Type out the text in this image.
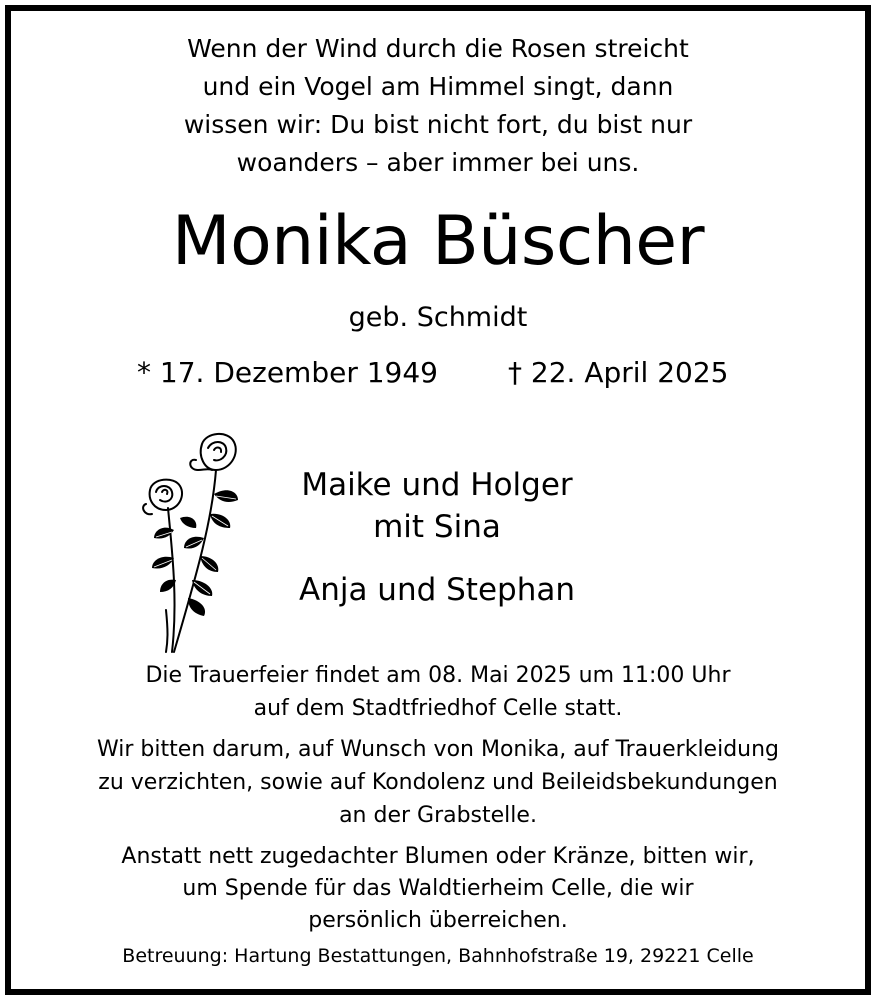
Wenn der Wind durch die Rosen streicht
und ein Vogel am Himmel singt, dann
wissen wir: Du bist nicht fort, du bist nur
woanders – aber immer bei uns.
Monika Büscher
geb. Schmidt
* 17. Dezember 1949	† 22. April 2025
Maike und Holger
mit Sina
Anja und Stephan
Die Trauerfeier findet am 08. Mai 2025 um 11:00 Uhr
auf dem Stadtfriedhof Celle statt.
Wir bitten darum, auf Wunsch von Monika, auf Trauerkleidung
zu verzichten, sowie auf Kondolenz und Beileidsbekundungen
an der Grabstelle.
Anstatt nett zugedachter Blumen oder Kränze, bitten wir,
um Spende für das Waldtierheim Celle, die wir
persönlich überreichen.
Betreuung: Hartung Bestattungen, Bahnhofstraße 19, 29221 Celle
